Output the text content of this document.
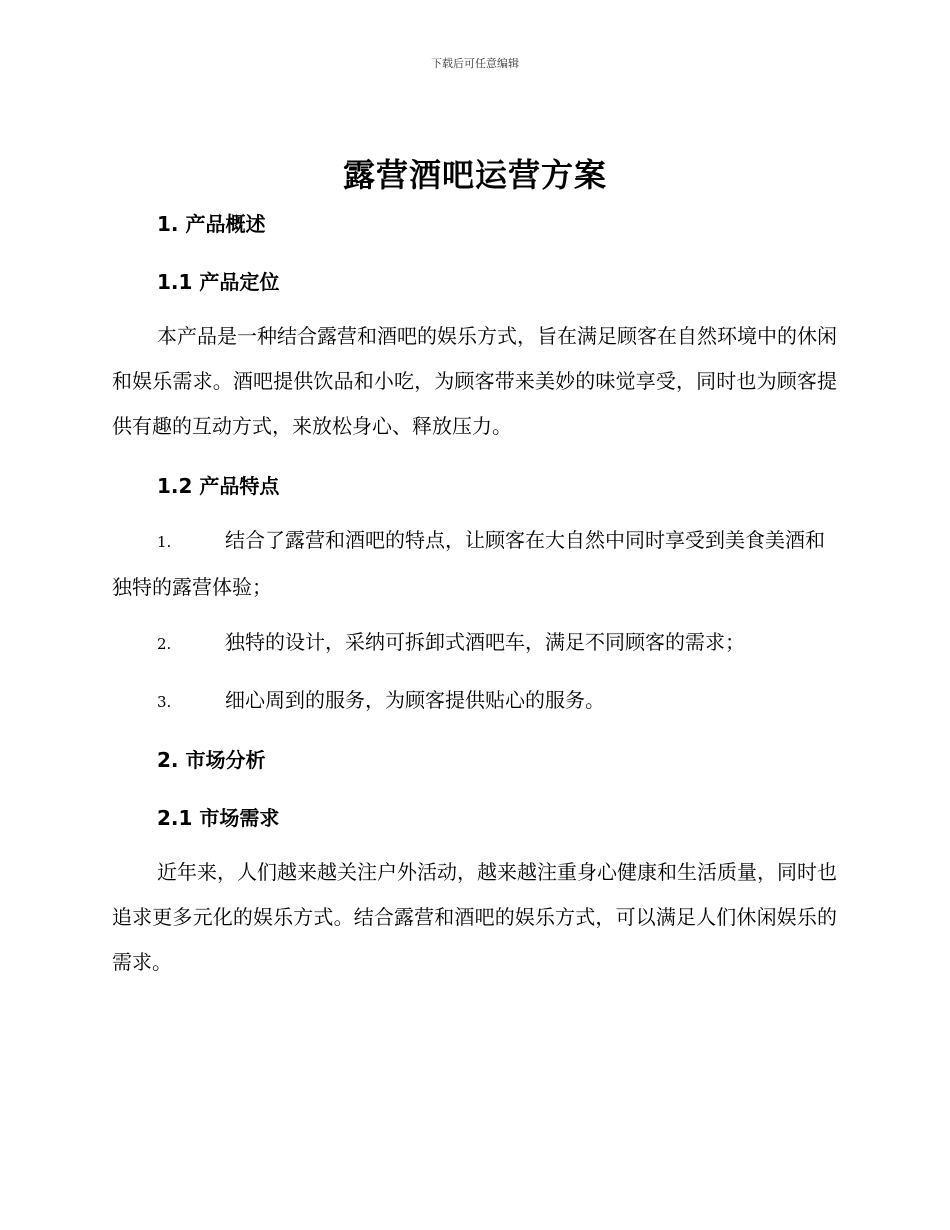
下载后可任意编辑
露营酒吧运营方案
1. 产品概述
1.1 产品定位

本产品是一种结合露营和酒吧的娱乐方式，旨在满足顾客在自然环境中的休闲和娱乐需求。酒吧提供饮品和小吃，为顾客带来美妙的味觉享受，同时也为顾客提供有趣的互动方式，来放松身心、释放压力。

1.2 产品特点
1.	结合了露营和酒吧的特点，让顾客在大自然中同时享受到美食美酒和独特的露营体验；
2.	独特的设计，采纳可拆卸式酒吧车，满足不同顾客的需求；
3.	细心周到的服务，为顾客提供贴心的服务。
2. 市场分析
2.1 市场需求

近年来，人们越来越关注户外活动，越来越注重身心健康和生活质量，同时也追求更多元化的娱乐方式。结合露营和酒吧的娱乐方式，可以满足人们休闲娱乐的需求。
